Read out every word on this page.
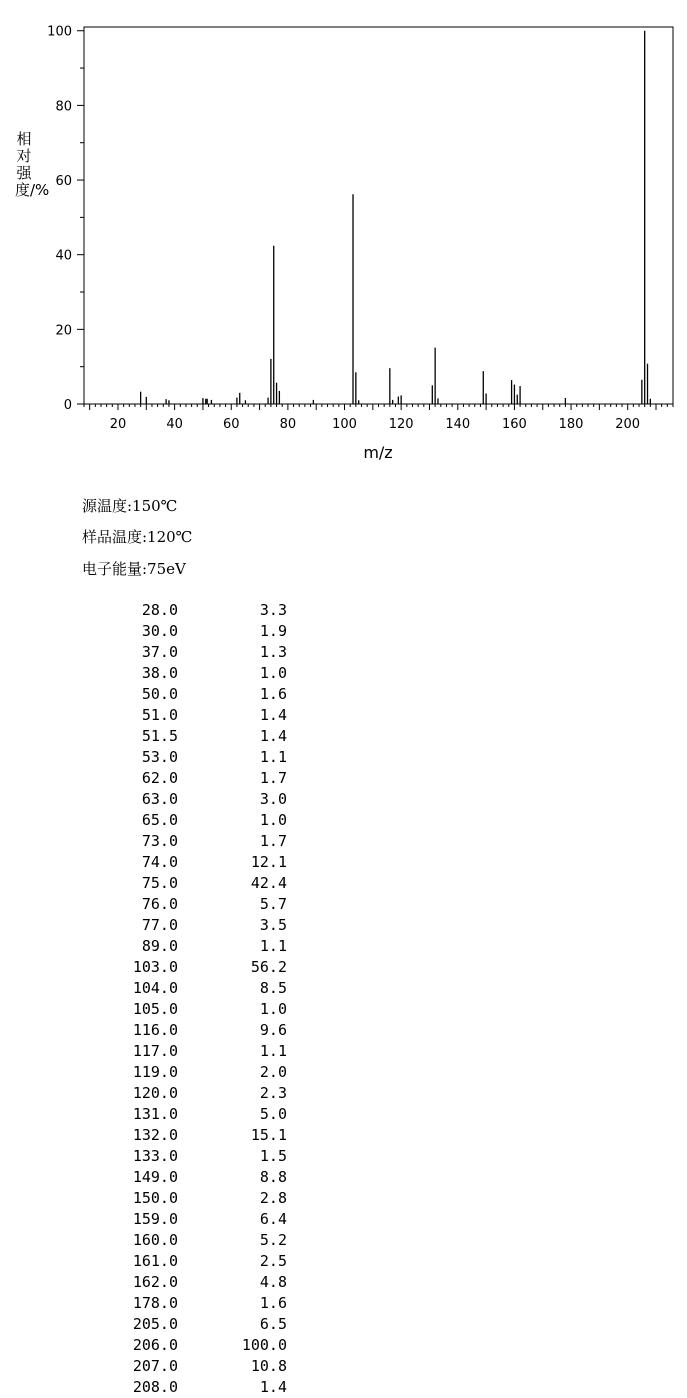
20	40	60	80	100 120 140 160 180 200
0
20
40
60
80
100
m/z
相对强度/%
源温度:150℃
样品温度:120℃
电子能量:75eV
28.0	3.3
30.0	1.9
37.0	1.3
38.0	1.0
50.0	1.6
51.0	1.4
51.5	1.4
53.0	1.1
62.0	1.7
63.0	3.0
65.0	1.0
73.0	1.7
74.0	12.1
75.0	42.4
76.0	5.7
77.0	3.5
89.0	1.1
103.0	56.2
104.0	8.5
105.0	1.0
116.0	9.6
117.0	1.1
119.0	2.0
120.0	2.3
131.0	5.0
132.0	15.1
133.0	1.5
149.0	8.8
150.0	2.8
159.0	6.4
160.0	5.2
161.0	2.5
162.0	4.8
178.0	1.6
205.0	6.5
206.0	100.0
207.0	10.8
208.0	1.4
